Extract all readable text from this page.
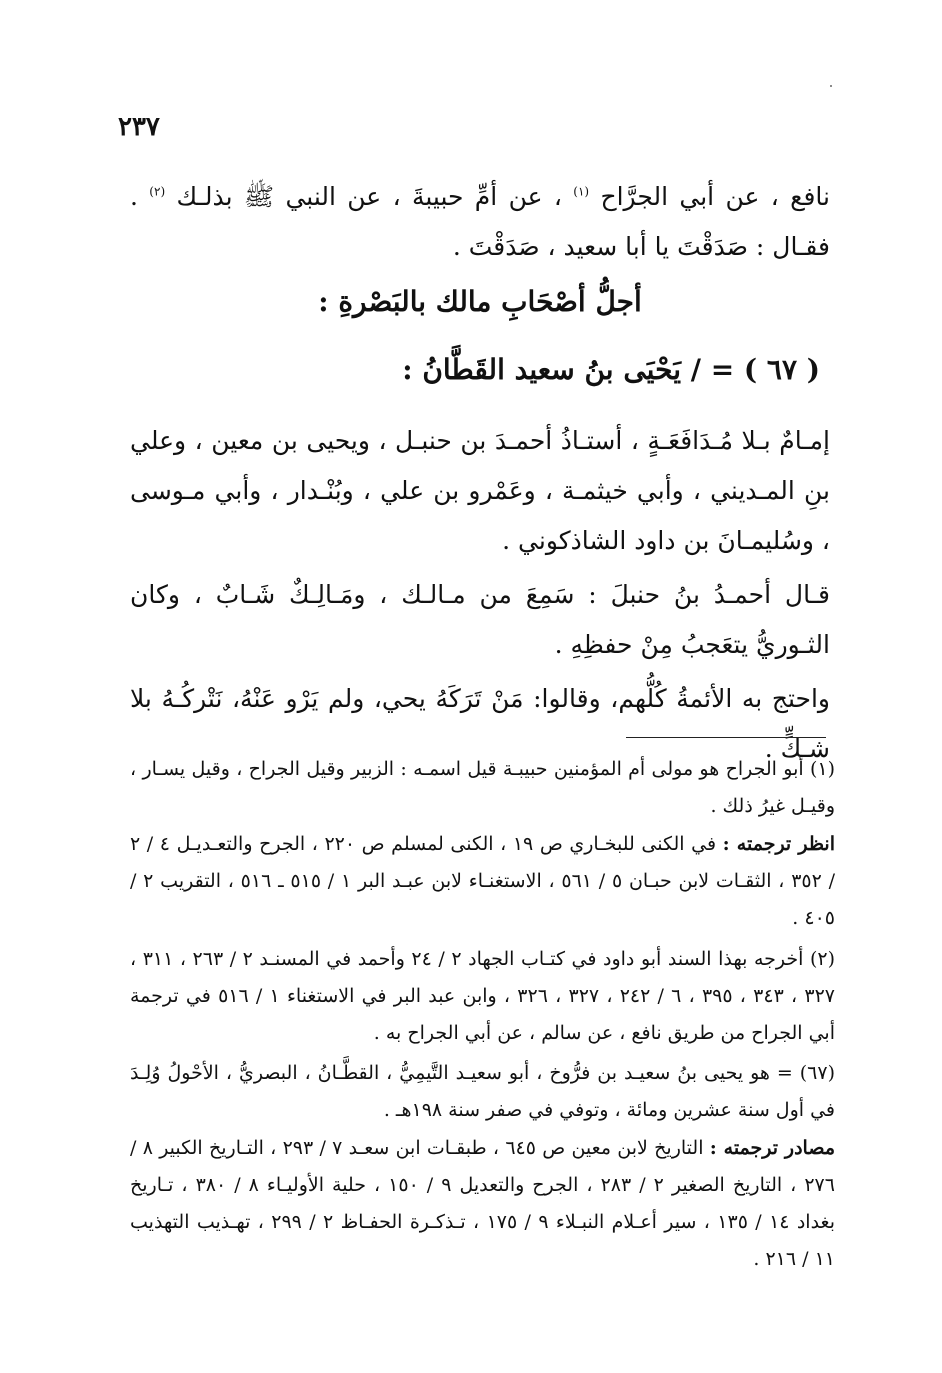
٢٣٧
نافع ، عن أبي الجرَّاح $^{(١)}$ ، عن أمِّ حبيبةَ ، عن النبي ﷺ بذلـك $^{(٢)}$ . فقـال : صَدَقْتَ يا أبا سعيد ، صَدَقْتَ .
أجلُّ أصْحَابِ مالك بالبَصْرةِ :
( ٦٧ ) = / يَحْيَى بنُ سعيد القَطَّانُ :
إمـامٌ بـلا مُـدَافَعَـةٍ ، أستـاذُ أحمـدَ بن حنبـل ، ويحيى بن معين ، وعلي بنِ المـديني ، وأبي خيثمـة ، وعَمْرو بن علي ، وبُنْـدار ، وأبي مـوسى ، وسُليمـانَ بن داود الشاذكوني .
قـال أحمـدُ بنُ حنبلَ : سَمِعَ من مـالـك ، ومَـالِـكٌ شَـابٌ ، وكان الثـوريُّ يتعَجبُ مِنْ حفظِهِ .
واحتج به الأئمةُ كُلُّهم، وقالوا: مَنْ تَرَكَهُ يحي، ولم يَرْو عَنْهُ، نَتْركُـهُ بلا شـكٍّ .
(١) أبو الجراح هو مولى أم المؤمنين حبيبـة قيل اسمـه : الزبير وقيل الجراح ، وقيل يسـار ، وقيـل غيرُ ذلك .
انظر ترجمته : في الكنى للبخـاري ص ١٩ ، الكنى لمسلم ص ٢٢٠ ، الجرح والتعـديـل ٤ / ٢ / ٣٥٢ ، الثقـات لابن حبـان ٥ / ٥٦١ ، الاستغنـاء لابن عبـد البر ١ / ٥١٥ ـ ٥١٦ ، التقريب ٢ / ٤٠٥ .
(٢) أخرجه بهذا السند أبو داود في كتـاب الجهاد ٢ / ٢٤ وأحمد في المسنـد ٢ / ٢٦٣ ، ٣١١ ، ٣٢٧ ، ٣٤٣ ، ٣٩٥ ، ٦ / ٢٤٢ ، ٣٢٧ ، ٣٢٦ ، وابن عبد البر في الاستغناء ١ / ٥١٦ في ترجمة أبي الجراح من طريق نافع ، عن سالم ، عن أبي الجراح به .
(٦٧) = هو يحيى بنُ سعيـد بن فرُّوخ ، أبو سعيـد التَّيمِيُّ ، القطَّـانُ ، البصريُّ ، الأحْولُ وُلِـدَ في أول سنة عشرين ومائة ، وتوفي في صفر سنة ١٩٨هـ .
مصادر ترجمته : التاريخ لابن معين ص ٦٤٥ ، طبقـات ابن سعـد ٧ / ٢٩٣ ، التـاريخ الكبير ٨ / ٢٧٦ ، التاريخ الصغير ٢ / ٢٨٣ ، الجرح والتعديل ٩ / ١٥٠ ، حلية الأوليـاء ٨ / ٣٨٠ ، تـاريخ بغداد ١٤ / ١٣٥ ، سير أعـلام النبـلاء ٩ / ١٧٥ ، تـذكـرة الحفـاظ ٢ / ٢٩٩ ، تهـذيب التهذيب ١١ / ٢١٦ .
